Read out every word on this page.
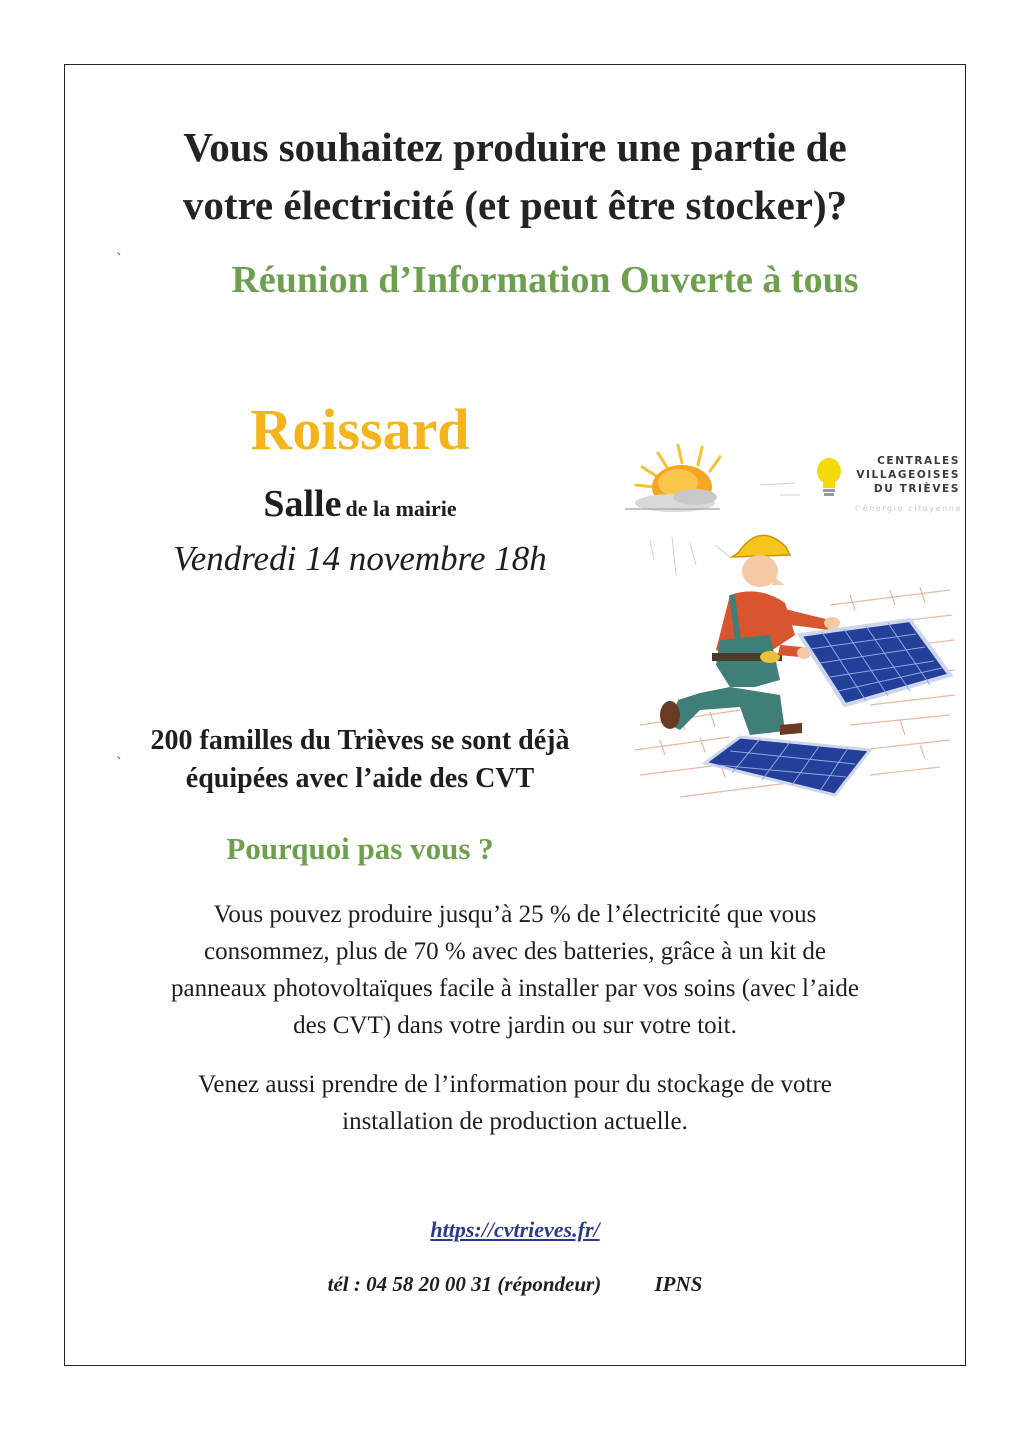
Vous souhaitez produire une partie de
votre électricité (et peut être stocker)?
`	Réunion d’Information Ouverte à tous
Roissard
Salle de la mairie
Vendredi 14 novembre 18h
CENTRALES
VILLAGEOISES
DU TRIÈVES
l'énergie citoyenne
200 familles du Trièves se sont déjà
équipées avec l’aide des CVT
`
Pourquoi pas vous ?
Vous pouvez produire jusqu’à 25 % de l’électricité que vous
consommez, plus de 70 % avec des batteries, grâce à un kit de
panneaux photovoltaïques facile à installer par vos soins (avec l’aide
des CVT) dans votre jardin ou sur votre toit.
Venez aussi prendre de l’information pour du stockage de votre
installation de production actuelle.
https://cvtrieves.fr/
tél : 04 58 20 00 31 (répondeur)	IPNS
